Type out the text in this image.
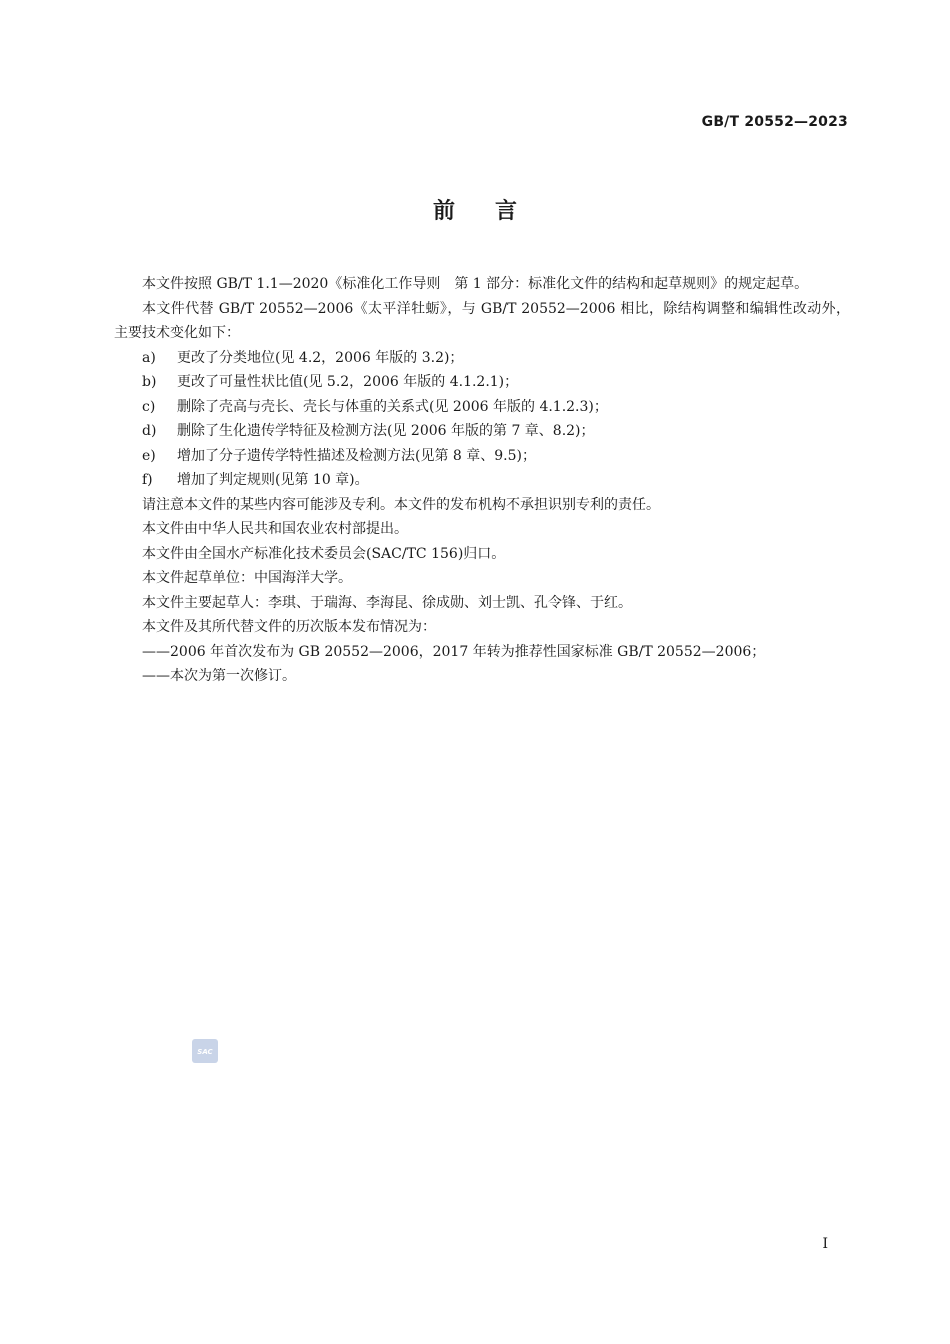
GB/T 20552—2023
前言

本文件按照 GB/T 1.1—2020《标准化工作导则　第 1 部分：标准化文件的结构和起草规则》的规定起草。

本文件代替 GB/T 20552—2006《太平洋牡蛎》，与 GB/T 20552—2006 相比，除结构调整和编辑性改动外，主要技术变化如下：

a)	更改了分类地位(见 4.2，2006 年版的 3.2)；

b)	更改了可量性状比值(见 5.2，2006 年版的 4.1.2.1)；

c)	删除了壳高与壳长、壳长与体重的关系式(见 2006 年版的 4.1.2.3)；

d)	删除了生化遗传学特征及检测方法(见 2006 年版的第 7 章、8.2)；

e)	增加了分子遗传学特性描述及检测方法(见第 8 章、9.5)；

f)	增加了判定规则(见第 10 章)。

请注意本文件的某些内容可能涉及专利。本文件的发布机构不承担识别专利的责任。

本文件由中华人民共和国农业农村部提出。

本文件由全国水产标准化技术委员会(SAC/TC 156)归口。

本文件起草单位：中国海洋大学。

本文件主要起草人：李琪、于瑞海、李海昆、徐成勋、刘士凯、孔令锋、于红。

本文件及其所代替文件的历次版本发布情况为：

——2006 年首次发布为 GB 20552—2006，2017 年转为推荐性国家标准 GB/T 20552—2006；

——本次为第一次修订。

SAC
I
